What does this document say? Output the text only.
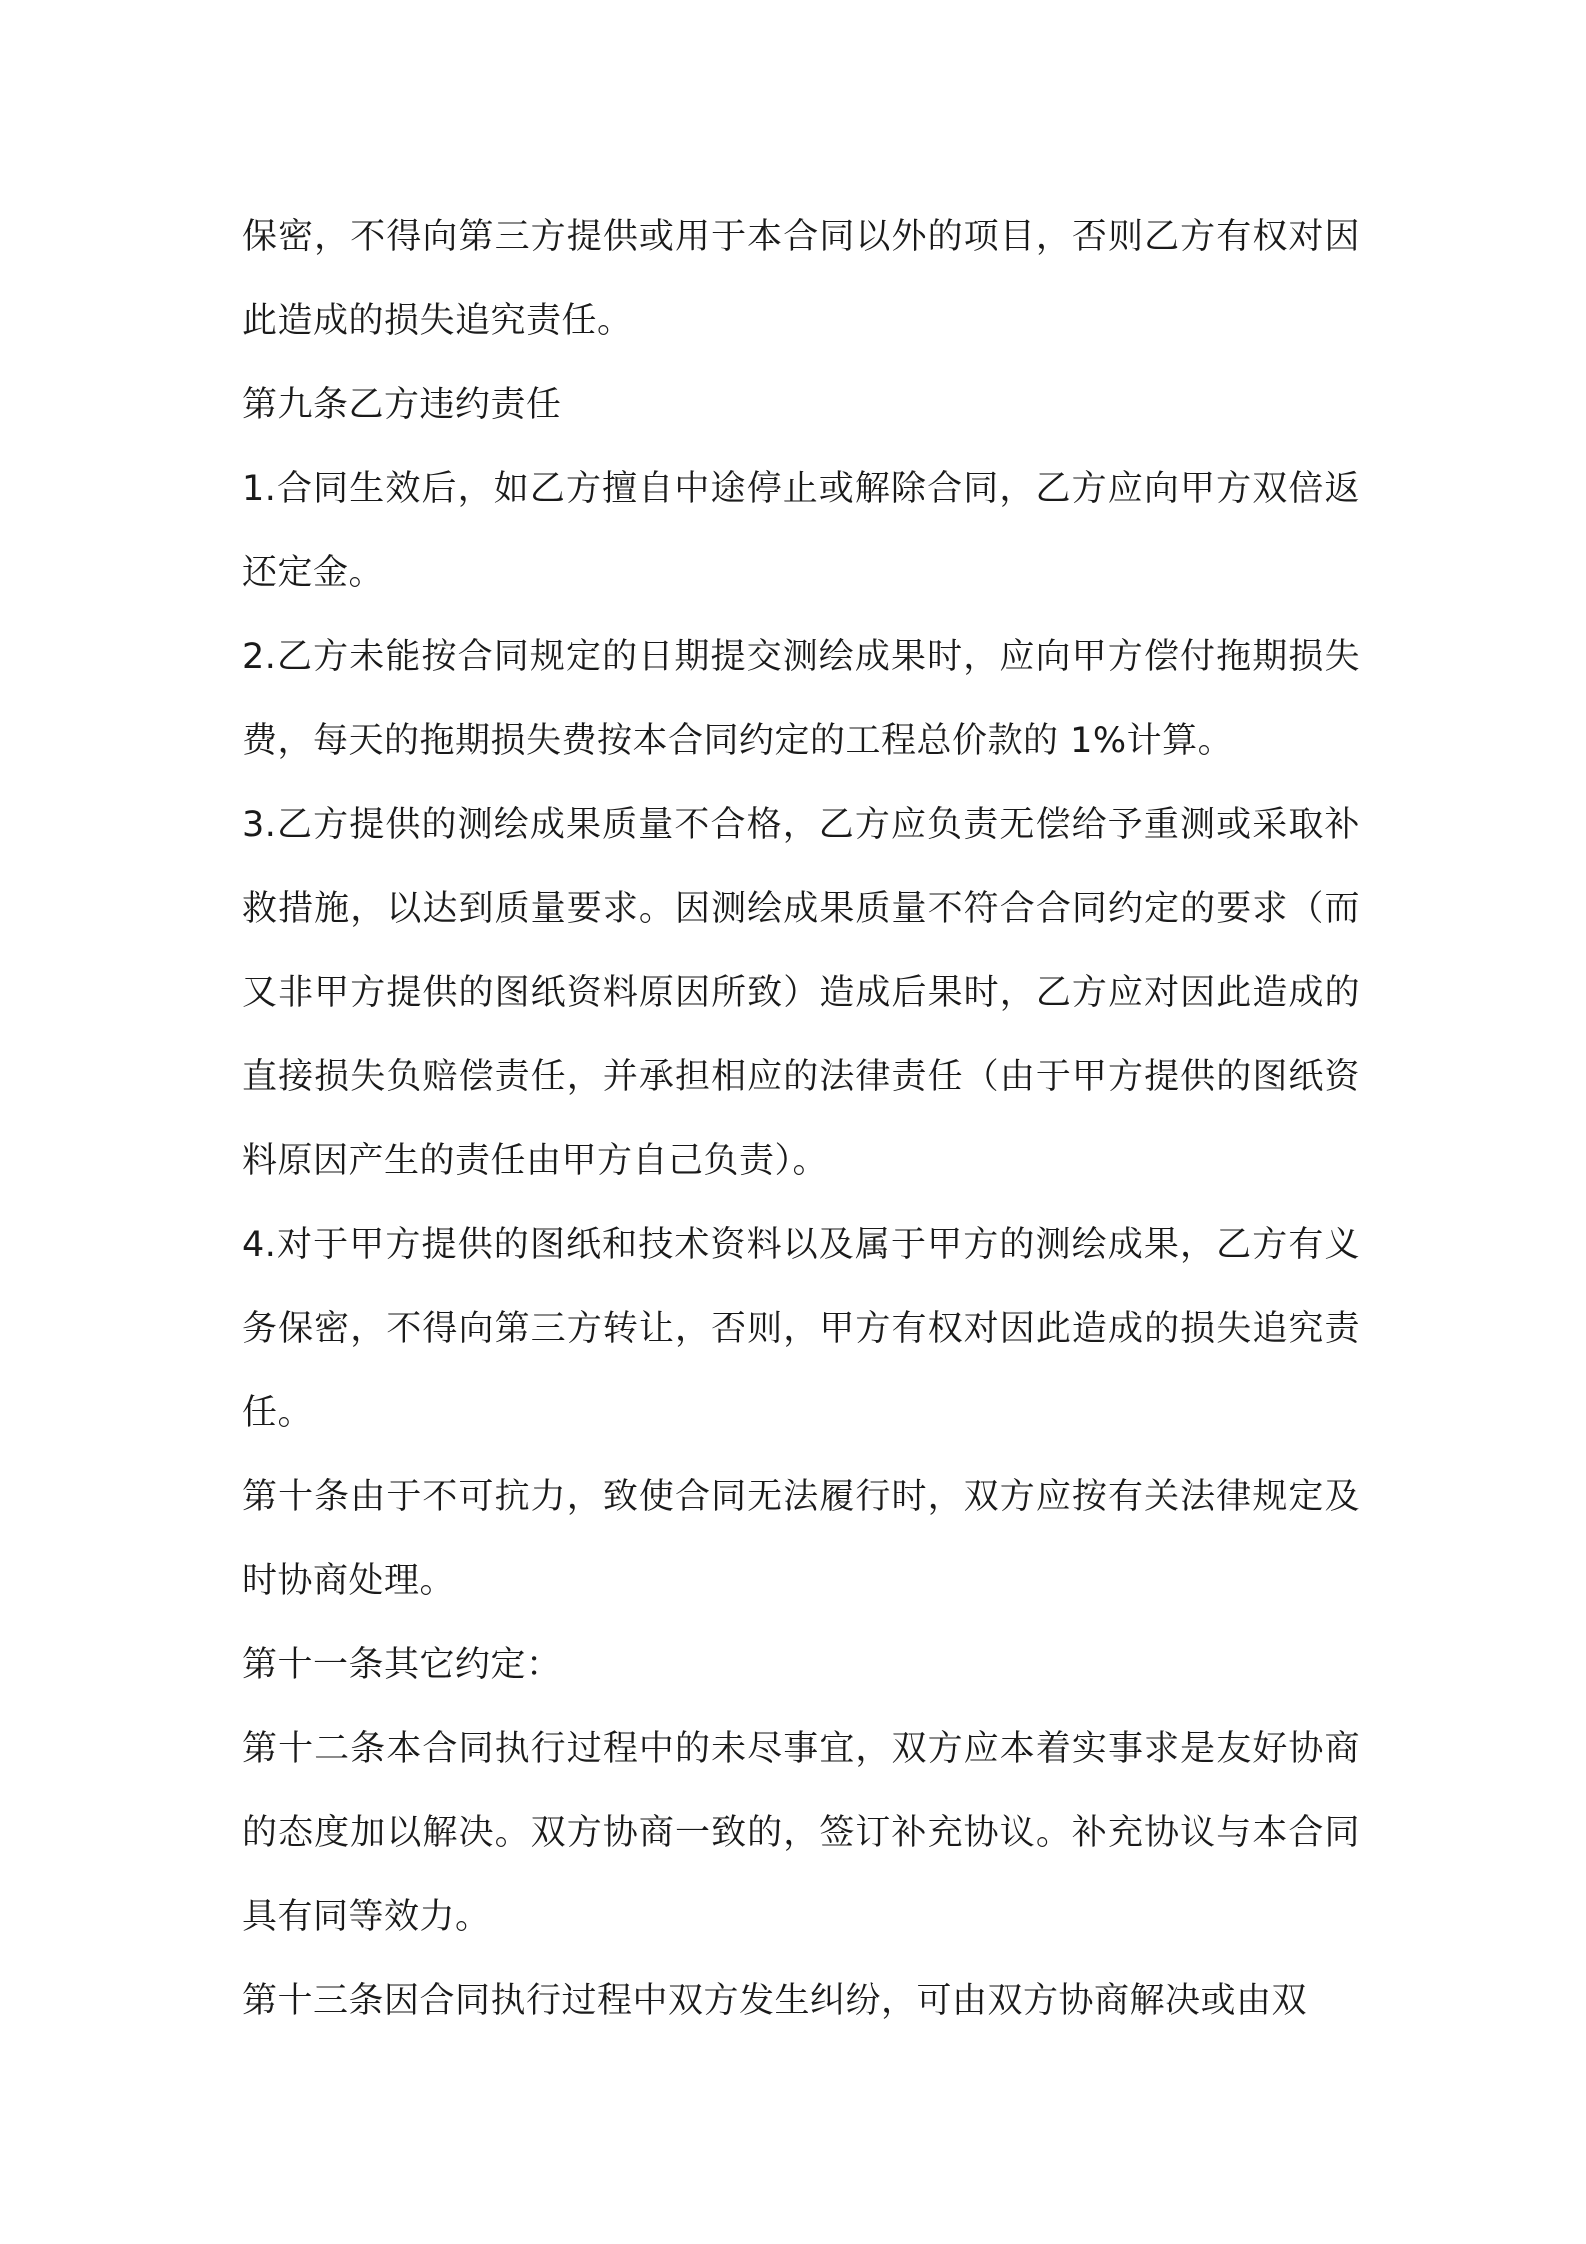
保密，不得向第三方提供或用于本合同以外的项目，否则乙方有权对因此造成的损失追究责任。

第九条乙方违约责任

1.合同生效后，如乙方擅自中途停止或解除合同，乙方应向甲方双倍返还定金。

2.乙方未能按合同规定的日期提交测绘成果时，应向甲方偿付拖期损失费，每天的拖期损失费按本合同约定的工程总价款的 1%计算。

3.乙方提供的测绘成果质量不合格，乙方应负责无偿给予重测或采取补救措施，以达到质量要求。因测绘成果质量不符合合同约定的要求（而又非甲方提供的图纸资料原因所致）造成后果时，乙方应对因此造成的直接损失负赔偿责任，并承担相应的法律责任（由于甲方提供的图纸资料原因产生的责任由甲方自己负责）。

4.对于甲方提供的图纸和技术资料以及属于甲方的测绘成果，乙方有义务保密，不得向第三方转让，否则，甲方有权对因此造成的损失追究责任。

第十条由于不可抗力，致使合同无法履行时，双方应按有关法律规定及时协商处理。

第十一条其它约定：

第十二条本合同执行过程中的未尽事宜，双方应本着实事求是友好协商的态度加以解决。双方协商一致的，签订补充协议。补充协议与本合同具有同等效力。

第十三条因合同执行过程中双方发生纠纷，可由双方协商解决或由双
